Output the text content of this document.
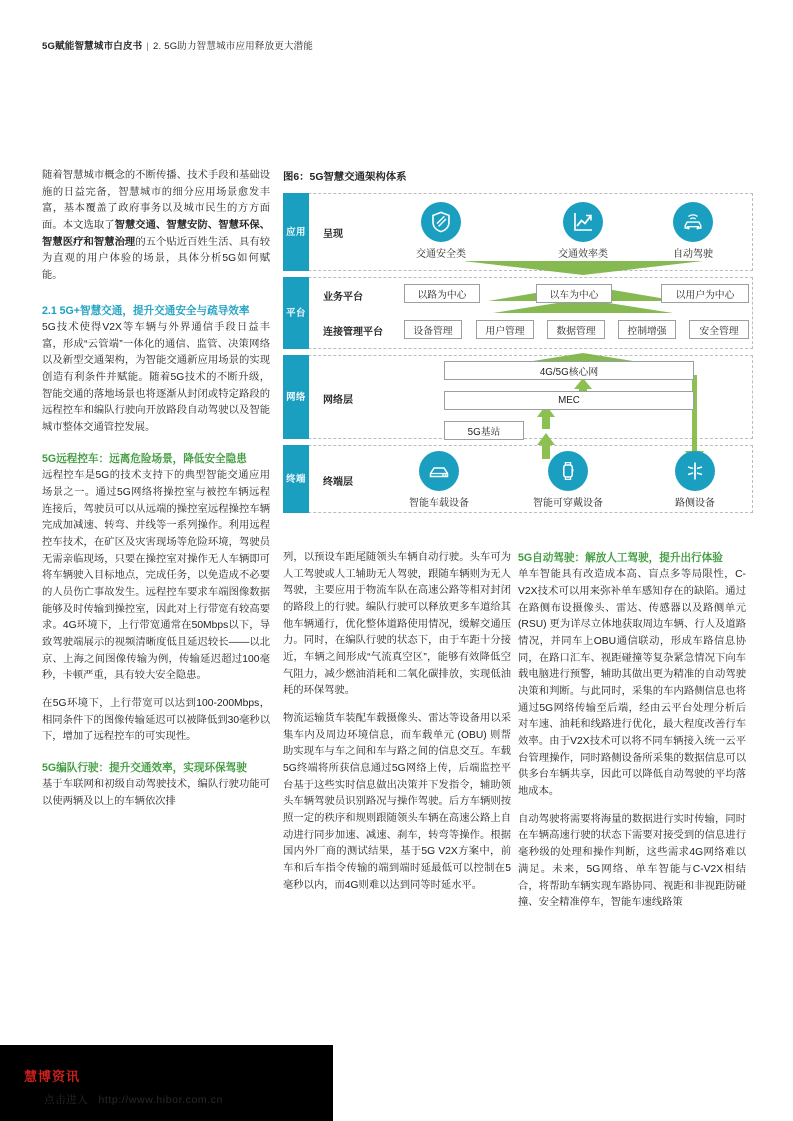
5G赋能智慧城市白皮书 | 2. 5G助力智慧城市应用释放更大潜能

随着智慧城市概念的不断传播、技术手段和基础设施的日益完备，智慧城市的细分应用场景愈发丰富，基本覆盖了政府事务以及城市民生的方方面面。本文选取了智慧交通、智慧安防、智慧环保、智慧医疗和智慧治理的五个贴近百姓生活、具有较为直观的用户体验的场景，具体分析5G如何赋能。

2.1 5G+智慧交通，提升交通安全与疏导效率

5G技术使得V2X等车辆与外界通信手段日益丰富，形成“云管端”一体化的通信、监管、决策网络以及新型交通架构，为智能交通新应用场景的实现创造有利条件并赋能。随着5G技术的不断升级，智能交通的落地场景也将逐渐从封闭或特定路段的远程控车和编队行驶向开放路段自动驾驶以及智能城市整体交通管控发展。

5G远程控车：远离危险场景，降低安全隐患

远程控车是5G的技术支持下的典型智能交通应用场景之一。通过5G网络将操控室与被控车辆远程连接后，驾驶员可以从远端的操控室远程操控车辆完成加减速、转弯、并线等一系列操作。利用远程控车技术，在矿区及灾害现场等危险环境，驾驶员无需亲临现场，只要在操控室对操作无人车辆即可将车辆驶入目标地点，完成任务，以免造成不必要的人员伤亡事故发生。远程控车要求车端图像数据能够及时传输到操控室，因此对上行带宽有较高要求。4G环境下，上行带宽通常在50Mbps以下，导致驾驶端展示的视频清晰度低且延迟较长——以北京、上海之间图像传输为例，传输延迟超过100毫秒，卡顿严重，具有较大安全隐患。

在5G环境下，上行带宽可以达到100-200Mbps，相同条件下的图像传输延迟可以被降低到30毫秒以下，增加了远程控车的可实现性。

5G编队行驶：提升交通效率，实现环保驾驶

基于车联网和初级自动驾驶技术，编队行驶功能可以使两辆及以上的车辆依次排

列，以预设车距尾随领头车辆自动行驶。头车可为人工驾驶或人工辅助无人驾驶，跟随车辆则为无人驾驶，主要应用于物流车队在高速公路等相对封闭的路段上的行驶。编队行驶可以释放更多车道给其他车辆通行，优化整体道路使用情况，缓解交通压力。同时，在编队行驶的状态下，由于车距十分接近，车辆之间形成“气流真空区”，能够有效降低空气阻力，减少燃油消耗和二氧化碳排放，实现低油耗的环保驾驶。

物流运输货车装配车载摄像头、雷达等设备用以采集车内及周边环境信息，而车载单元 (OBU) 则帮助实现车与车之间和车与路之间的信息交互。车载5G终端将所获信息通过5G网络上传，后端监控平台基于这些实时信息做出决策并下发指令，辅助领头车辆驾驶员识别路况与操作驾驶。后方车辆则按照一定的秩序和规则跟随领头车辆在高速公路上自动进行同步加速、减速、刹车，转弯等操作。根据国内外厂商的测试结果，基于5G V2X方案中，前车和后车指令传输的端到端时延最低可以控制在5毫秒以内，而4G则难以达到同等时延水平。

5G自动驾驶：解放人工驾驶，提升出行体验

单车智能具有改造成本高、盲点多等局限性，C-V2X技术可以用来弥补单车感知存在的缺陷。通过在路侧布设摄像头、雷达、传感器以及路侧单元 (RSU) 更为详尽立体地获取周边车辆、行人及道路情况，并同车上OBU通信联动，形成车路信息协同，在路口汇车、视距碰撞等复杂紧急情况下向车载电脑进行预警，辅助其做出更为精准的自动驾驶决策和判断。与此同时，采集的车内路侧信息也将通过5G网络传输至后端，经由云平台处理分析后对车速、油耗和线路进行优化，最大程度改善行车效率。由于V2X技术可以将不同车辆接入统一云平台管理操作，同时路侧设备所采集的数据信息可以供多台车辆共享，因此可以降低自动驾驶的平均落地成本。

自动驾驶将需要将海量的数据进行实时传输，同时在车辆高速行驶的状态下需要对接受到的信息进行毫秒级的处理和操作判断，这些需求4G网络难以满足。未来，5G网络、单车智能与C-V2X相结合，将帮助车辆实现车路协同、视距和非视距防碰撞、安全精准停车，智能车速线路策

图6：5G智慧交通架构体系
应用 呈现
交通安全类	交通效率类	自动驾驶
平台
业务平台
连接管理平台
以路为中心	以车为中心	以用户为中心
设备管理	用户管理	数据管理	控制增强	安全管理
网络 网络层
4G/5G核心网
MEC
5G基站
终端 终端层
智能车载设备	智能可穿戴设备	路侧设备
慧博资讯
点击进入 http://www.hibor.com.cn
